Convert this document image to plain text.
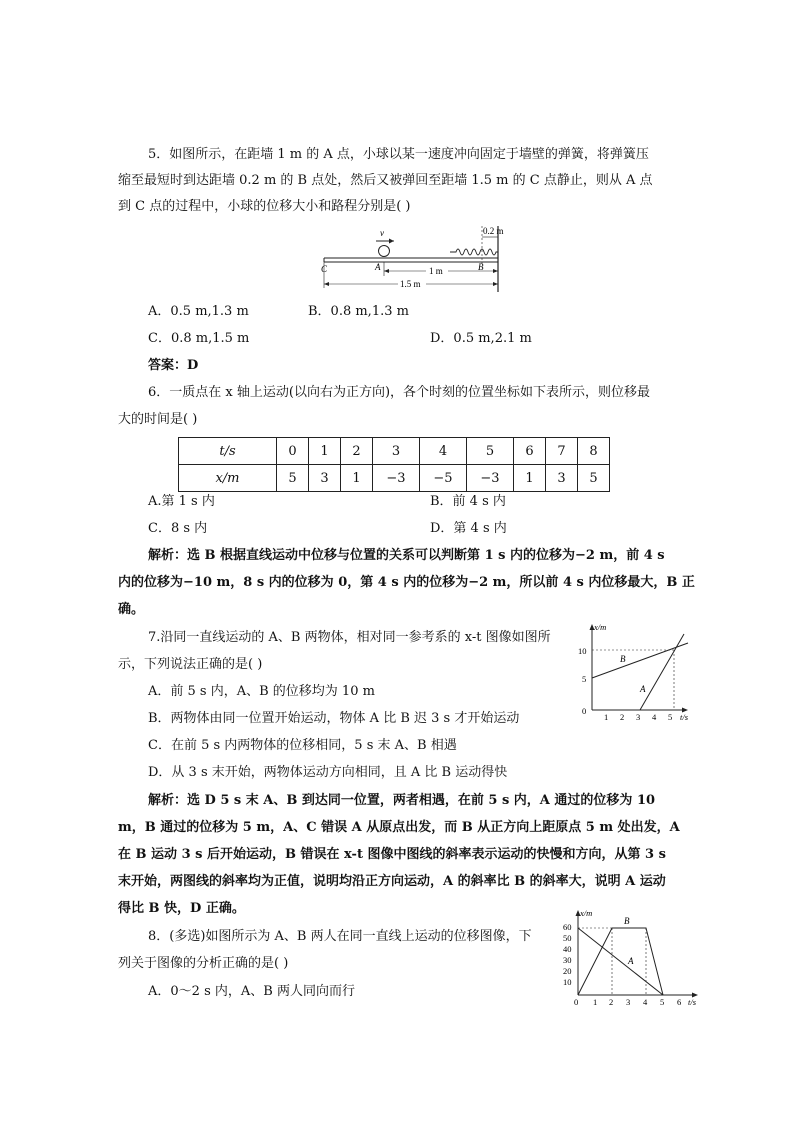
5．如图所示，在距墙 1 m 的 A 点，小球以某一速度冲向固定于墙壁的弹簧，将弹簧压
缩至最短时到达距墙 0.2 m 的 B 点处，然后又被弹回至距墙 1.5 m 的 C 点静止，则从 A 点
到 C 点的过程中，小球的位移大小和路程分别是( )
v	0.2 m
C	A	B
1 m
1.5 m
A．0.5 m,1.3 m	B．0.8 m,1.3 m
C．0.8 m,1.5 m	D．0.5 m,2.1 m
答案：D
6．一质点在 x 轴上运动(以向右为正方向)，各个时刻的位置坐标如下表所示，则位移最
大的时间是( )
t/s	0	1	2	3	4	5	6	7	8
x/m	5	3	1	−3	−5	−3	1	3	5
A.第 1 s 内	B．前 4 s 内
C．8 s 内	D．第 4 s 内
解析：选 B 根据直线运动中位移与位置的关系可以判断第 1 s 内的位移为−2 m，前 4 s
内的位移为−10 m，8 s 内的位移为 0，第 4 s 内的位移为−2 m，所以前 4 s 内位移最大，B 正
确。
7.沿同一直线运动的 A、B 两物体，相对同一参考系的 x-t 图像如图所
示，下列说法正确的是( )
A．前 5 s 内，A、B 的位移均为 10 m
B．两物体由同一位置开始运动，物体 A 比 B 迟 3 s 才开始运动
C．在前 5 s 内两物体的位移相同，5 s 末 A、B 相遇
D．从 3 s 末开始，两物体运动方向相同，且 A 比 B 运动得快
x/m
t/s
10
5
0
1 2 3 4 5
B
A
解析：选 D 5 s 末 A、B 到达同一位置，两者相遇，在前 5 s 内，A 通过的位移为 10
m，B 通过的位移为 5 m，A、C 错误 A 从原点出发，而 B 从正方向上距原点 5 m 处出发，A
在 B 运动 3 s 后开始运动，B 错误在 x-t 图像中图线的斜率表示运动的快慢和方向，从第 3 s
末开始，两图线的斜率均为正值，说明均沿正方向运动，A 的斜率比 B 的斜率大，说明 A 运动
得比 B 快，D 正确。
8．(多选)如图所示为 A、B 两人在同一直线上运动的位移图像，下
列关于图像的分析正确的是( )
A．0～2 s 内，A、B 两人同向而行
x/m
t/s
60
50
40
30
20
10
0 1 2 3 4 5 6
B
A
